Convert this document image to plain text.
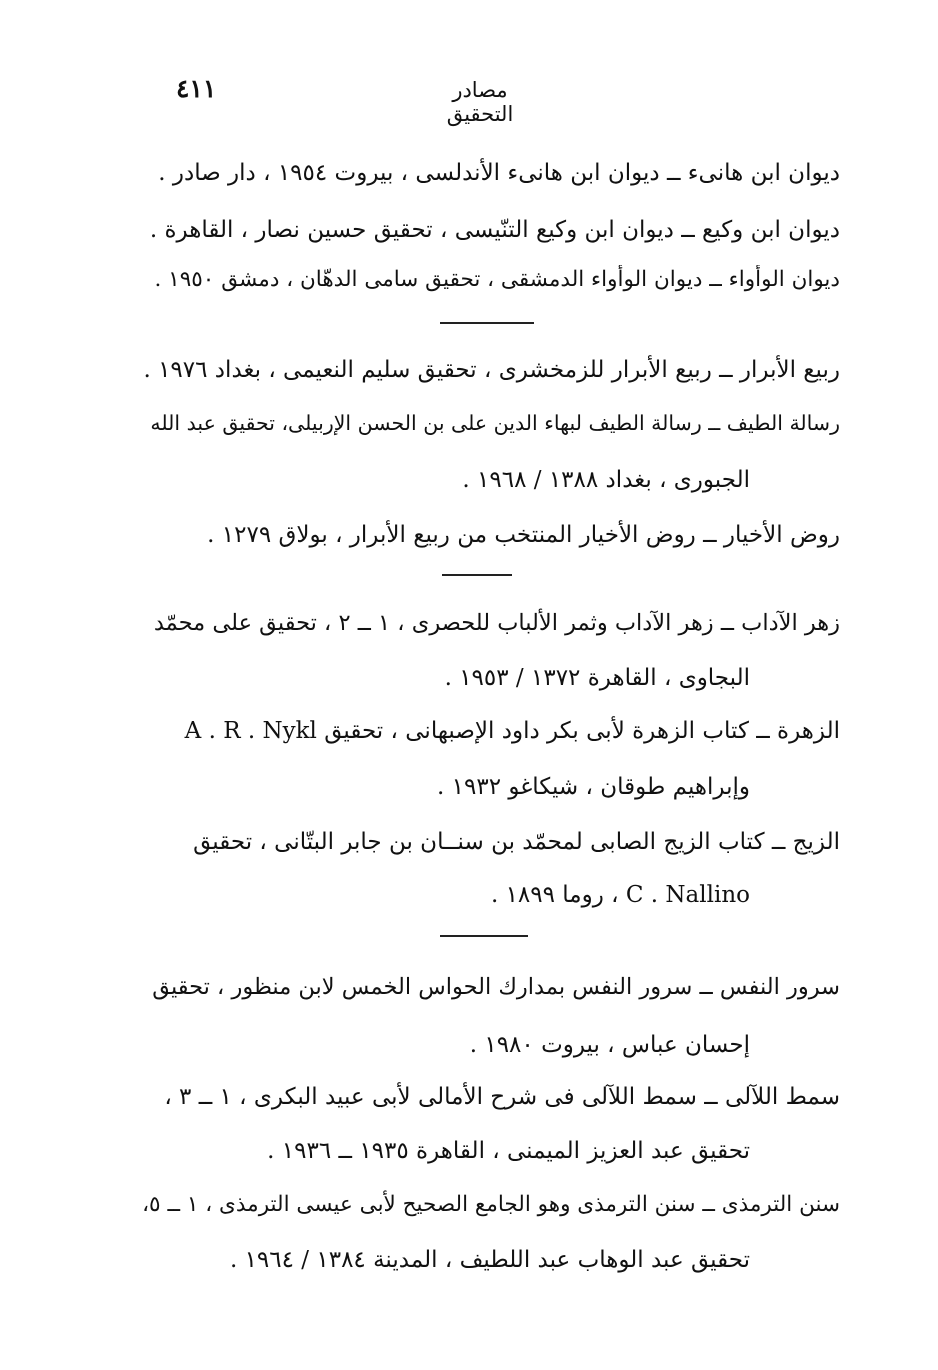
٤١١	مصادر التحقيق
ديوان ابن هانىء ــ ديوان ابن هانىء الأندلسى ، بيروت ١٩٥٤ ، دار صادر .
ديوان ابن وكيع ــ ديوان ابن وكيع التنّيسى ، تحقيق حسين نصار ، القاهرة .
ديوان الوأواء ــ ديوان الوأواء الدمشقى ، تحقيق سامى الدهّان ، دمشق ١٩٥٠ .
ربيع الأبرار ــ ربيع الأبرار للزمخشرى ، تحقيق سليم النعيمى ، بغداد ١٩٧٦ .
رسالة الطيف ــ رسالة الطيف لبهاء الدين على بن الحسن الإربيلى، تحقيق عبد الله
الجبورى ، بغداد ١٣٨٨ / ١٩٦٨ .
روض الأخيار ــ روض الأخيار المنتخب من ربيع الأبرار ، بولاق ١٢٧٩ .
زهر الآداب ــ زهر الآداب وثمر الألباب للحصرى ، ١ ــ ٢ ، تحقيق على محمّد
البجاوى ، القاهرة ١٣٧٢ / ١٩٥٣ .
الزهرة ــ كتاب الزهرة لأبى بكر داود الإصبهانى ، تحقيق A . R . Nykl
وإبراهيم طوقان ، شيكاغو ١٩٣٢ .
الزيج ــ كتاب الزيج الصابى لمحمّد بن سنــان بن جابر البتّانى ، تحقيق
C . Nallino ، روما ١٨٩٩ .
سرور النفس ــ سرور النفس بمدارك الحواس الخمس لابن منظور ، تحقيق
إحسان عباس ، بيروت ١٩٨٠ .
سمط اللآلى ــ سمط اللآلى فى شرح الأمالى لأبى عبيد البكرى ، ١ ــ ٣ ،
تحقيق عبد العزيز الميمنى ، القاهرة ١٩٣٥ ــ ١٩٣٦ .
سنن الترمذى ــ سنن الترمذى وهو الجامع الصحيح لأبى عيسى الترمذى ، ١ ــ ٥،
تحقيق عبد الوهاب عبد اللطيف ، المدينة ١٣٨٤ / ١٩٦٤ .
